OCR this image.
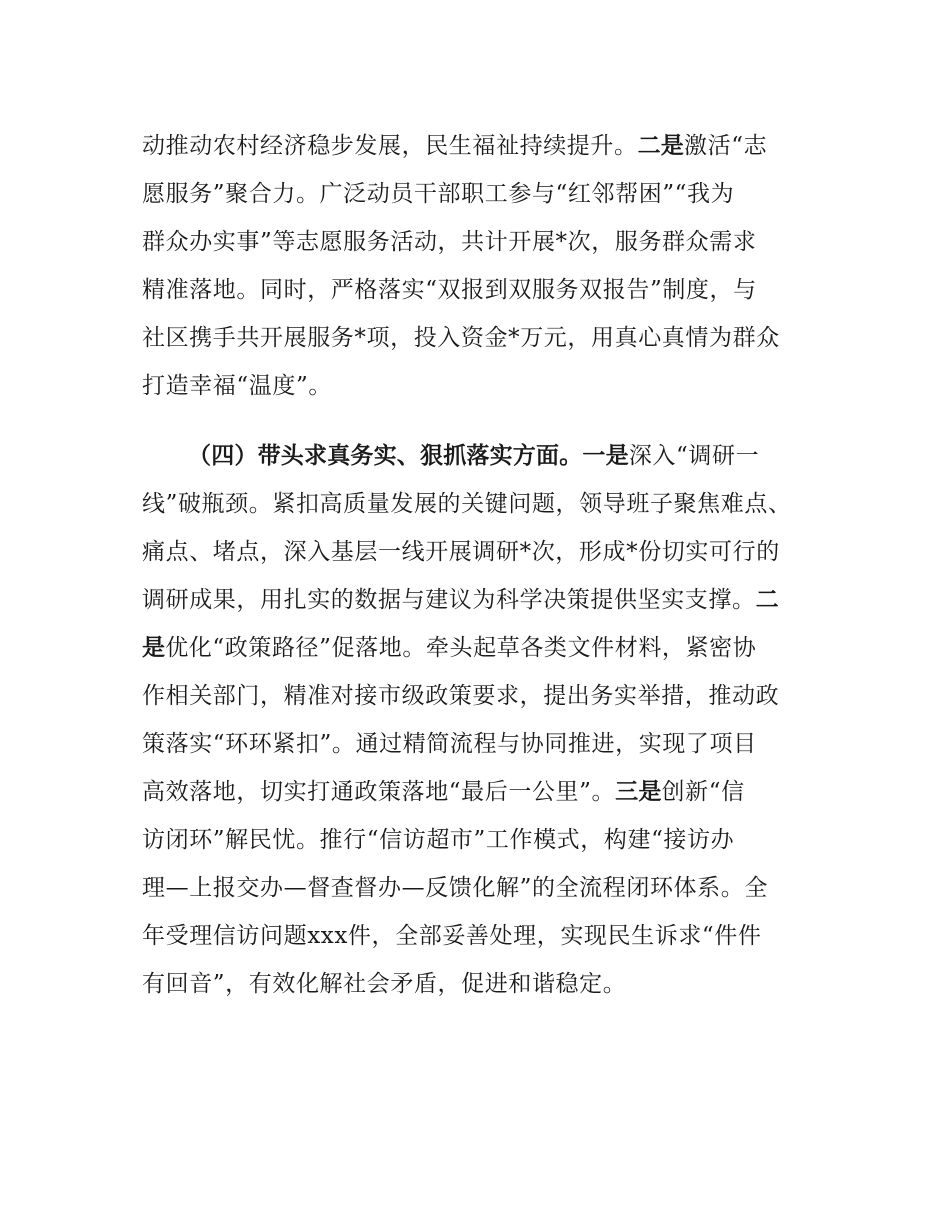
动推动农村经济稳步发展，民生福祉持续提升。二是激活“志
愿服务”聚合力。广泛动员干部职工参与“红邻帮困”“我为
群众办实事”等志愿服务活动，共计开展*次，服务群众需求
精准落地。同时，严格落实“双报到双服务双报告”制度，与
社区携手共开展服务*项，投入资金*万元，用真心真情为群众
打造幸福“温度”。
（四）带头求真务实、狠抓落实方面。一是深入“调研一
线”破瓶颈。紧扣高质量发展的关键问题，领导班子聚焦难点、
痛点、堵点，深入基层一线开展调研*次，形成*份切实可行的
调研成果，用扎实的数据与建议为科学决策提供坚实支撑。二
是优化“政策路径”促落地。牵头起草各类文件材料，紧密协
作相关部门，精准对接市级政策要求，提出务实举措，推动政
策落实“环环紧扣”。通过精简流程与协同推进，实现了项目
高效落地，切实打通政策落地“最后一公里”。三是创新“信
访闭环”解民忧。推行“信访超市”工作模式，构建“接访办
理—上报交办—督查督办—反馈化解”的全流程闭环体系。全
年受理信访问题xxx件，全部妥善处理，实现民生诉求“件件
有回音”，有效化解社会矛盾，促进和谐稳定。
